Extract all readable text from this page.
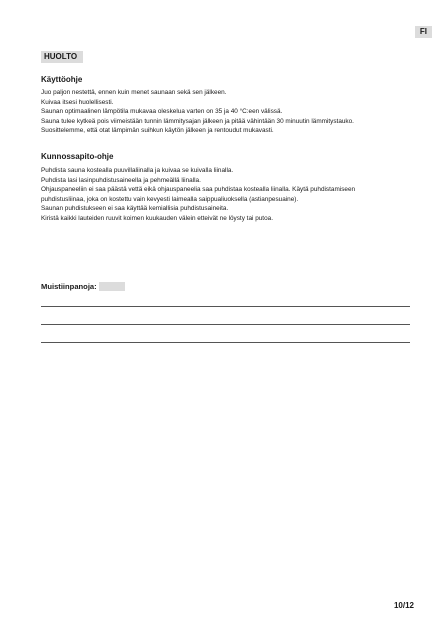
FI
HUOLTO
Käyttöohje
Juo paljon nestettä, ennen kuin menet saunaan sekä sen jälkeen.
Kuivaa itsesi huolellisesti.
Saunan optimaalinen lämpötila mukavaa oleskelua varten on 35 ja 40 °C:een välissä.
Sauna tulee kytkeä pois viimeistään tunnin lämmitysajan jälkeen ja pitää vähintään 30 minuutin lämmitystauko.
Suosittelemme, että otat lämpimän suihkun käytön jälkeen ja rentoudut mukavasti.
Kunnossapito-ohje
Puhdista sauna kostealla puuvillaliinalla ja kuivaa se kuivalla liinalla.
Puhdista lasi lasinpuhdistusaineella ja pehmeällä liinalla.
Ohjauspaneeliin ei saa päästä vettä eikä ohjauspaneelia saa puhdistaa kostealla liinalla. Käytä puhdistamiseen
puhdistusliinaa, joka on kostettu vain kevyesti laimealla saippualiuoksella (astianpesuaine).
Saunan puhdistukseen ei saa käyttää kemiallisia puhdistusaineita.
Kiristä kaikki lauteiden ruuvit koimen kuukauden välein etteivät ne löysty tai putoa.
Muistiinpanoja:
10/12
